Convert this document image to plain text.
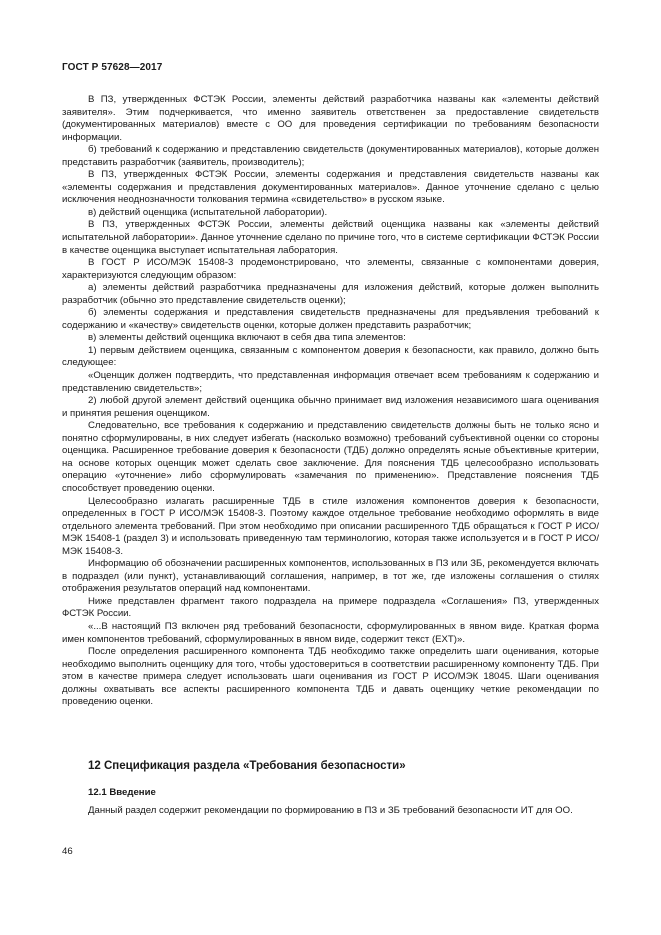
ГОСТ Р 57628—2017

В ПЗ, утвержденных ФСТЭК России, элементы действий разработчика названы как «элементы действий заявителя». Этим подчеркивается, что именно заявитель ответственен за предоставление свидетельств (документированных материалов) вместе с ОО для проведения сертификации по требованиям безопасности информации.

б) требований к содержанию и представлению свидетельств (документированных материалов), которые должен представить разработчик (заявитель, производитель);

В ПЗ, утвержденных ФСТЭК России, элементы содержания и представления свидетельств названы как «элементы содержания и представления документированных материалов». Данное уточнение сделано с целью исключения неоднозначности толкования термина «свидетельство» в русском языке.

в) действий оценщика (испытательной лаборатории).

В ПЗ, утвержденных ФСТЭК России, элементы действий оценщика названы как «элементы действий испытательной лаборатории». Данное уточнение сделано по причине того, что в системе сертификации ФСТЭК России в качестве оценщика выступает испытательная лаборатория.

В ГОСТ Р ИСО/МЭК 15408-3 продемонстрировано, что элементы, связанные с компонентами доверия, характеризуются следующим образом:

а) элементы действий разработчика предназначены для изложения действий, которые должен выполнить разработчик (обычно это представление свидетельств оценки);

б) элементы содержания и представления свидетельств предназначены для предъявления требований к содержанию и «качеству» свидетельств оценки, которые должен представить разработчик;

в) элементы действий оценщика включают в себя два типа элементов:

1) первым действием оценщика, связанным с компонентом доверия к безопасности, как правило, должно быть следующее:

«Оценщик должен подтвердить, что представленная информация отвечает всем требованиям к содержанию и представлению свидетельств»;

2) любой другой элемент действий оценщика обычно принимает вид изложения независимого шага оценивания и принятия решения оценщиком.

Следовательно, все требования к содержанию и представлению свидетельств должны быть не только ясно и понятно сформулированы, в них следует избегать (насколько возможно) требований субъективной оценки со стороны оценщика. Расширенное требование доверия к безопасности (ТДБ) должно определять ясные объективные критерии, на основе которых оценщик может сделать свое заключение. Для пояснения ТДБ целесообразно использовать операцию «уточнение» либо сформулировать «замечания по применению». Представление пояснения ТДБ способствует проведению оценки.

Целесообразно излагать расширенные ТДБ в стиле изложения компонентов доверия к безопасности, определенных в ГОСТ Р ИСО/МЭК 15408-3. Поэтому каждое отдельное требование необходимо оформлять в виде отдельного элемента требований. При этом необходимо при описании расширенного ТДБ обращаться к ГОСТ Р ИСО/МЭК 15408-1 (раздел 3) и использовать приведенную там терминологию, которая также используется и в ГОСТ Р ИСО/МЭК 15408-3.

Информацию об обозначении расширенных компонентов, использованных в ПЗ или ЗБ, рекомендуется включать в подраздел (или пункт), устанавливающий соглашения, например, в тот же, где изложены соглашения о стилях отображения результатов операций над компонентами.

Ниже представлен фрагмент такого подраздела на примере подраздела «Соглашения» ПЗ, утвержденных ФСТЭК России.

«...В настоящий ПЗ включен ряд требований безопасности, сформулированных в явном виде. Краткая форма имен компонентов требований, сформулированных в явном виде, содержит текст (EXT)».

После определения расширенного компонента ТДБ необходимо также определить шаги оценивания, которые необходимо выполнить оценщику для того, чтобы удостовериться в соответствии расширенному компоненту ТДБ. При этом в качестве примера следует использовать шаги оценивания из ГОСТ Р ИСО/МЭК 18045. Шаги оценивания должны охватывать все аспекты расширенного компонента ТДБ и давать оценщику четкие рекомендации по проведению оценки.

12 Спецификация раздела «Требования безопасности»
12.1 Введение

Данный раздел содержит рекомендации по формированию в ПЗ и ЗБ требований безопасности ИТ для ОО.

46
